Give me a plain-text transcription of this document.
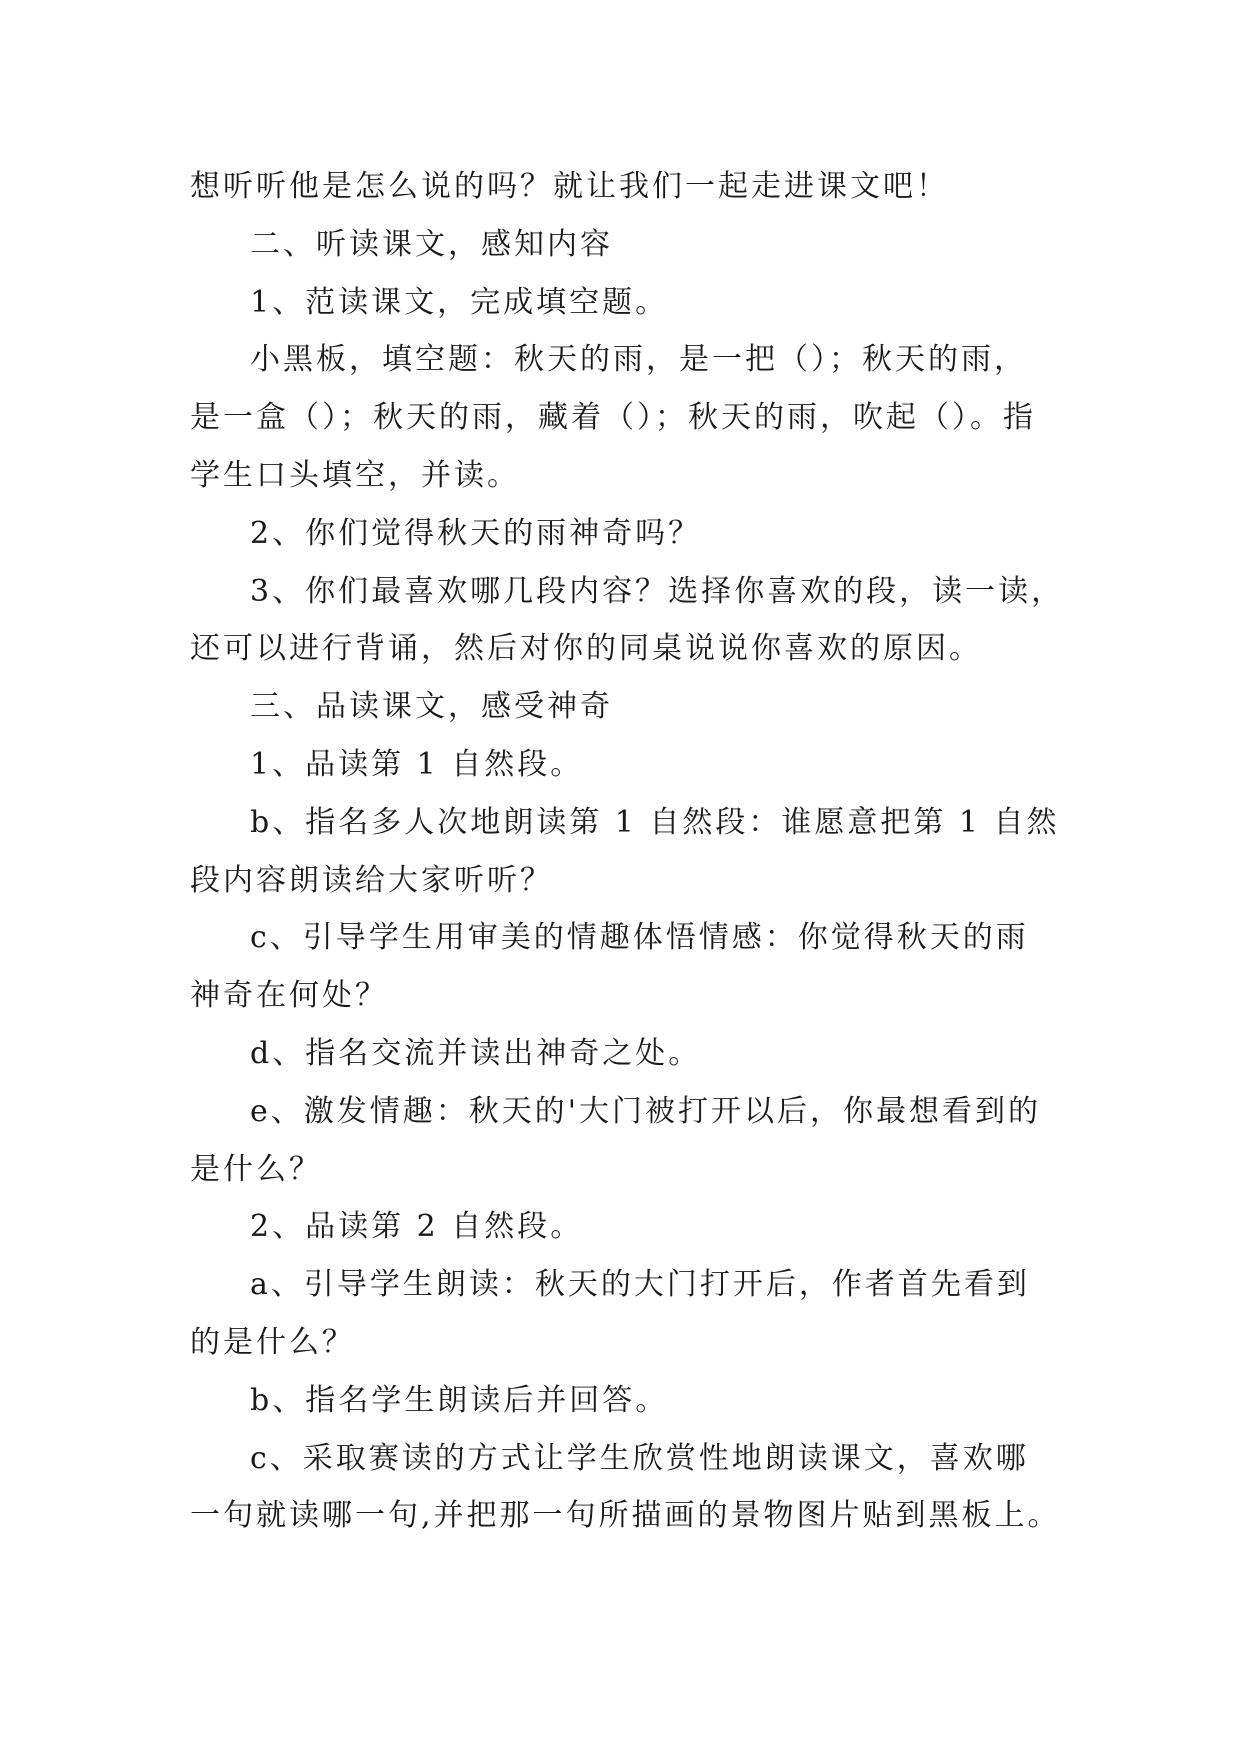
想听听他是怎么说的吗？就让我们一起走进课文吧！

二、听读课文，感知内容

1、范读课文，完成填空题。

小黑板，填空题：秋天的雨，是一把（）；秋天的雨，

是一盒（）；秋天的雨，藏着（）；秋天的雨，吹起（）。指

学生口头填空，并读。

2、你们觉得秋天的雨神奇吗？

3、你们最喜欢哪几段内容？选择你喜欢的段，读一读，

还可以进行背诵，然后对你的同桌说说你喜欢的原因。

三、品读课文，感受神奇

1、品读第 1 自然段。

b、指名多人次地朗读第 1 自然段：谁愿意把第 1 自然

段内容朗读给大家听听？

c、引导学生用审美的情趣体悟情感：你觉得秋天的雨

神奇在何处？

d、指名交流并读出神奇之处。

e、激发情趣：秋天的'大门被打开以后，你最想看到的

是什么？

2、品读第 2 自然段。

a、引导学生朗读：秋天的大门打开后，作者首先看到

的是什么？

b、指名学生朗读后并回答。

c、采取赛读的方式让学生欣赏性地朗读课文，喜欢哪

一句就读哪一句,并把那一句所描画的景物图片贴到黑板上。
